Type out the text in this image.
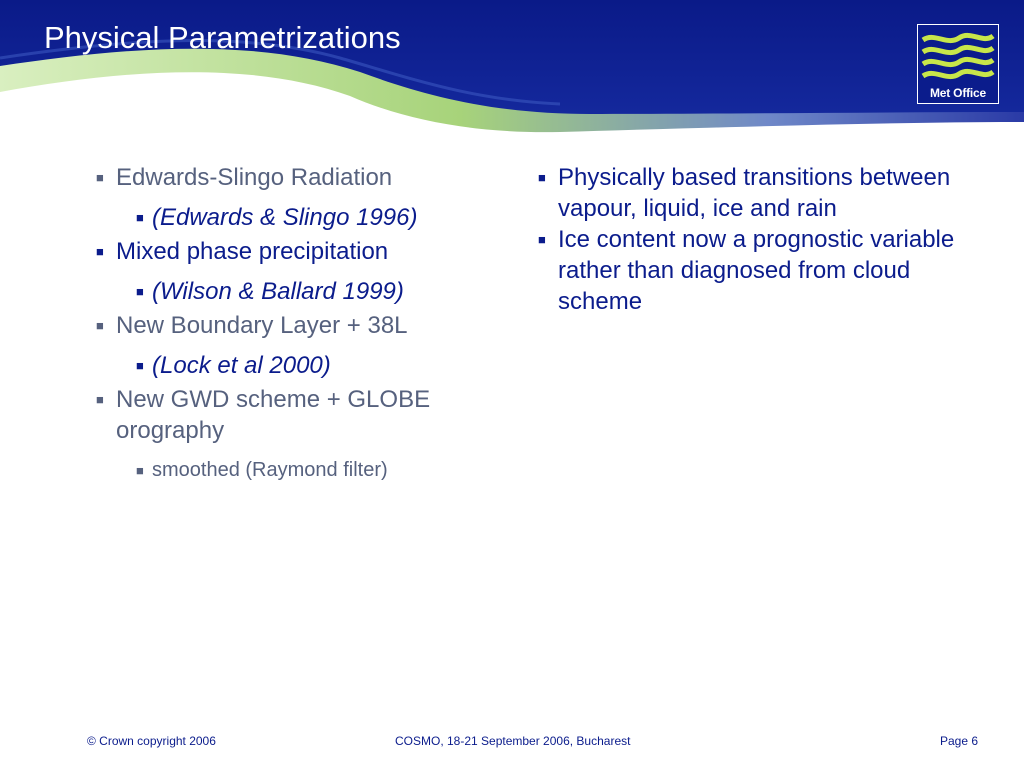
Physical Parametrizations
Met Office
■ Edwards-Slingo Radiation
■ (Edwards & Slingo 1996)
■ Mixed phase precipitation
■ (Wilson & Ballard 1999)
■ New Boundary Layer + 38L
■ (Lock et al 2000)
■ New GWD scheme + GLOBE orography
■ smoothed (Raymond filter)
■ Physically based transitions between vapour, liquid, ice and rain
■ Ice content now a prognostic variable rather than diagnosed from cloud scheme
© Crown copyright 2006	COSMO, 18-21 September 2006, Bucharest	Page 6
